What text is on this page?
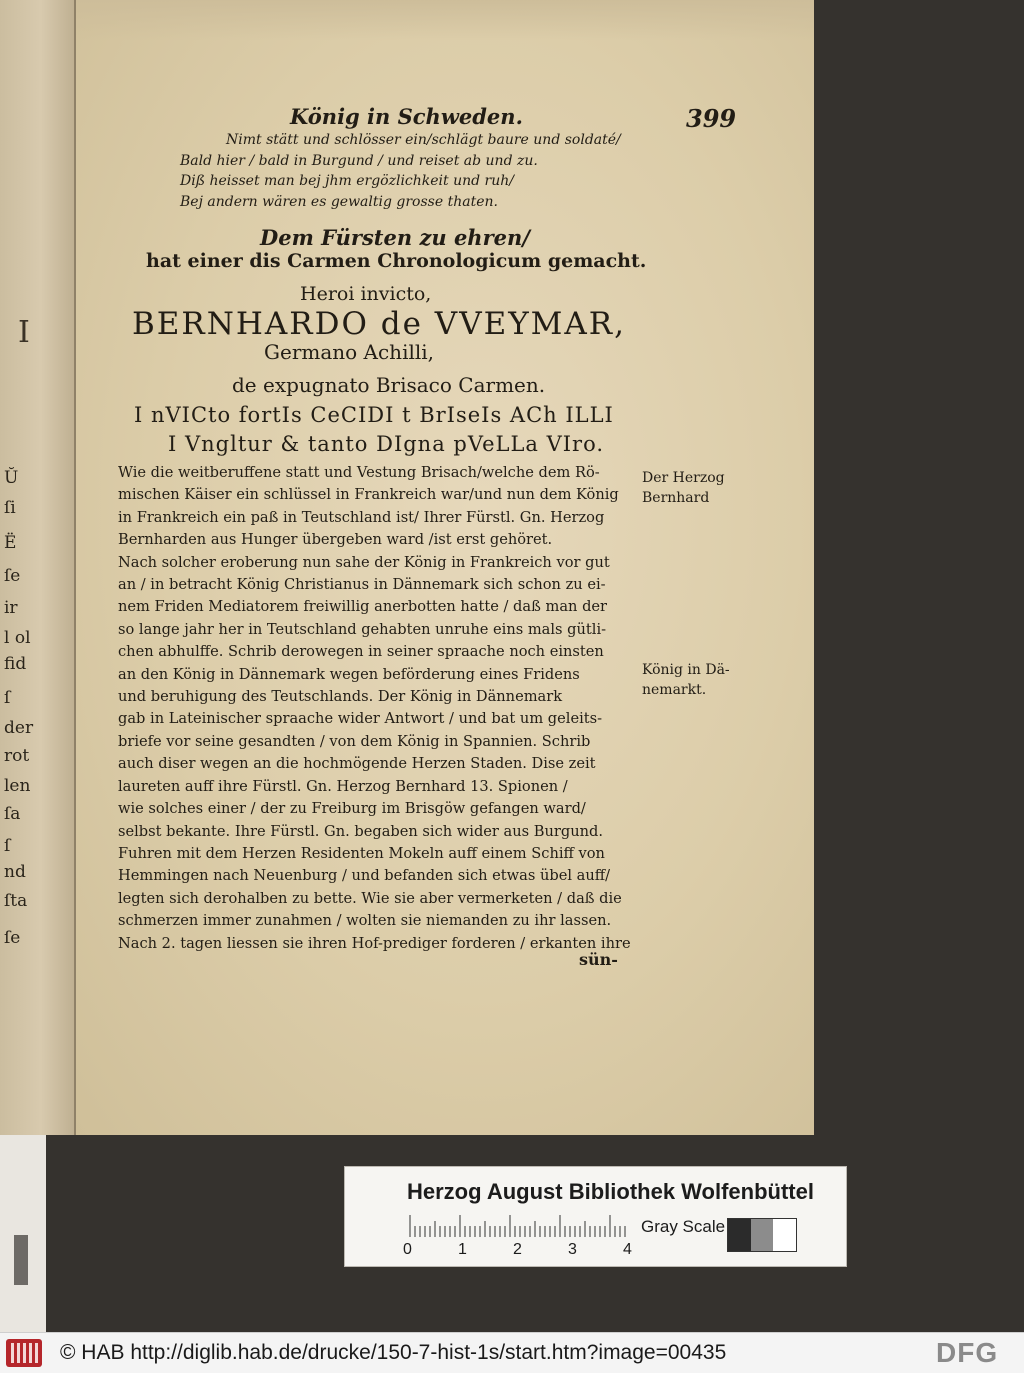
I
Ŭ
ſi
Ë
ſe
ir
l ol
fid
ſ
der
rot
len
ſa
ſ
nd
ſta
ſe
König in Schweden.	399
Nimt stätt und schlösser ein/schlägt baure und soldaté/
Bald hier / bald in Burgund / und reiset ab und zu.
Diß heisset man bej jhm ergözlichkeit und ruh/
Bej andern wären es gewaltig grosse thaten.
Dem Fürsten zu ehren/
hat einer dis Carmen Chronologicum gemacht.
Heroi invicto,
BERNHARDO de VVEYMAR,
Germano Achilli,
de expugnato Brisaco Carmen.
I nVICto fortIs CeCIDI t BrIseIs ACh ILLI
I Vngltur & tanto DIgna pVeLLa VIro.
Wie die weitberuffene statt und Vestung Brisach/welche dem Rö-
mischen Käiser ein schlüssel in Frankreich war/und nun dem König
in Frankreich ein paß in Teutschland ist/ Ihrer Fürstl. Gn. Herzog
Bernharden aus Hunger übergeben ward /ist erst gehöret.
Nach solcher eroberung nun sahe der König in Frankreich vor gut
an / in betracht König Christianus in Dännemark sich schon zu ei-
nem Friden Mediatorem freiwillig anerbotten hatte / daß man der
so lange jahr her in Teutschland gehabten unruhe eins mals gütli-
chen abhulffe. Schrib derowegen in seiner spraache noch einsten
an den König in Dännemark wegen beförderung eines Fridens
und beruhigung des Teutschlands. Der König in Dännemark
gab in Lateinischer spraache wider Antwort / und bat um geleits-
briefe vor seine gesandten / von dem König in Spannien. Schrib
auch diser wegen an die hochmögende Herzen Staden. Dise zeit
laureten auff ihre Fürstl. Gn. Herzog Bernhard 13. Spionen /
wie solches einer / der zu Freiburg im Brisgöw gefangen ward/
selbst bekante. Ihre Fürstl. Gn. begaben sich wider aus Burgund.
Fuhren mit dem Herzen Residenten Mokeln auff einem Schiff von
Hemmingen nach Neuenburg / und befanden sich etwas übel auff/
legten sich derohalben zu bette. Wie sie aber vermerketen / daß die
schmerzen immer zunahmen / wolten sie niemanden zu ihr lassen.
Nach 2. tagen liessen sie ihren Hof-prediger forderen / erkanten ihre
sün-
Der Herzog
Bernhard
König in Dä-
nemarkt.
Herzog August Bibliothek Wolfenbüttel
0	1	2	3	4
Gray Scale
© HAB http://diglib.hab.de/drucke/150-7-hist-1s/start.htm?image=00435	DFG
